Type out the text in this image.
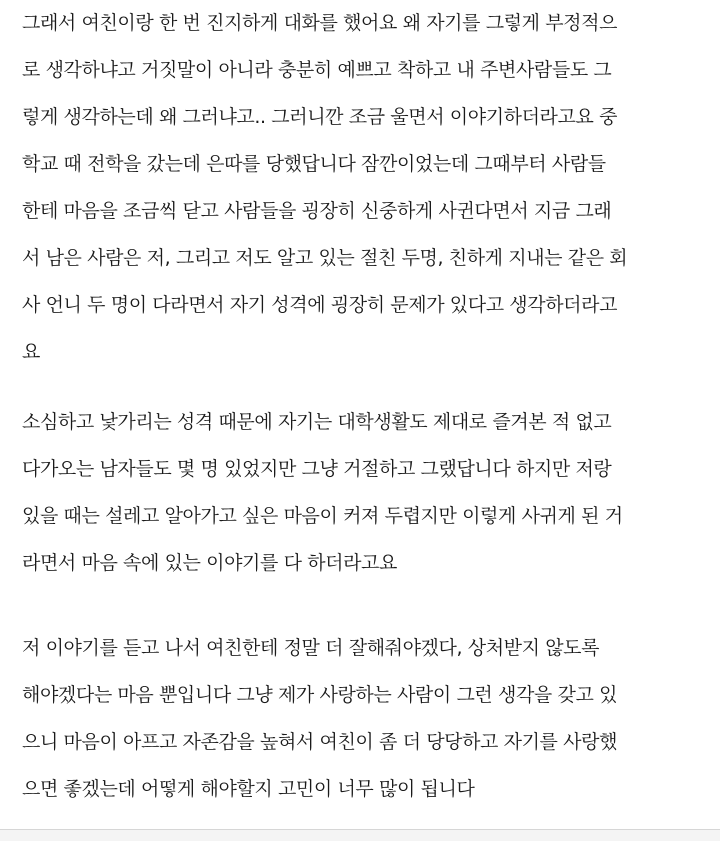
그래서 여친이랑 한 번 진지하게 대화를 했어요 왜 자기를 그렇게 부정적으
로 생각하냐고 거짓말이 아니라 충분히 예쁘고 착하고 내 주변사람들도 그
렇게 생각하는데 왜 그러냐고.. 그러니깐 조금 울면서 이야기하더라고요 중
학교 때 전학을 갔는데 은따를 당했답니다 잠깐이었는데 그때부터 사람들
한테 마음을 조금씩 닫고 사람들을 굉장히 신중하게 사귄다면서 지금 그래
서 남은 사람은 저, 그리고 저도 알고 있는 절친 두명, 친하게 지내는 같은 회
사 언니 두 명이 다라면서 자기 성격에 굉장히 문제가 있다고 생각하더라고
요
소심하고 낯가리는 성격 때문에 자기는 대학생활도 제대로 즐겨본 적 없고
다가오는 남자들도 몇 명 있었지만 그냥 거절하고 그랬답니다 하지만 저랑
있을 때는 설레고 알아가고 싶은 마음이 커져 두렵지만 이렇게 사귀게 된 거
라면서 마음 속에 있는 이야기를 다 하더라고요
저 이야기를 듣고 나서 여친한테 정말 더 잘해줘야겠다, 상처받지 않도록
해야겠다는 마음 뿐입니다 그냥 제가 사랑하는 사람이 그런 생각을 갖고 있
으니 마음이 아프고 자존감을 높혀서 여친이 좀 더 당당하고 자기를 사랑했
으면 좋겠는데 어떻게 해야할지 고민이 너무 많이 됩니다
